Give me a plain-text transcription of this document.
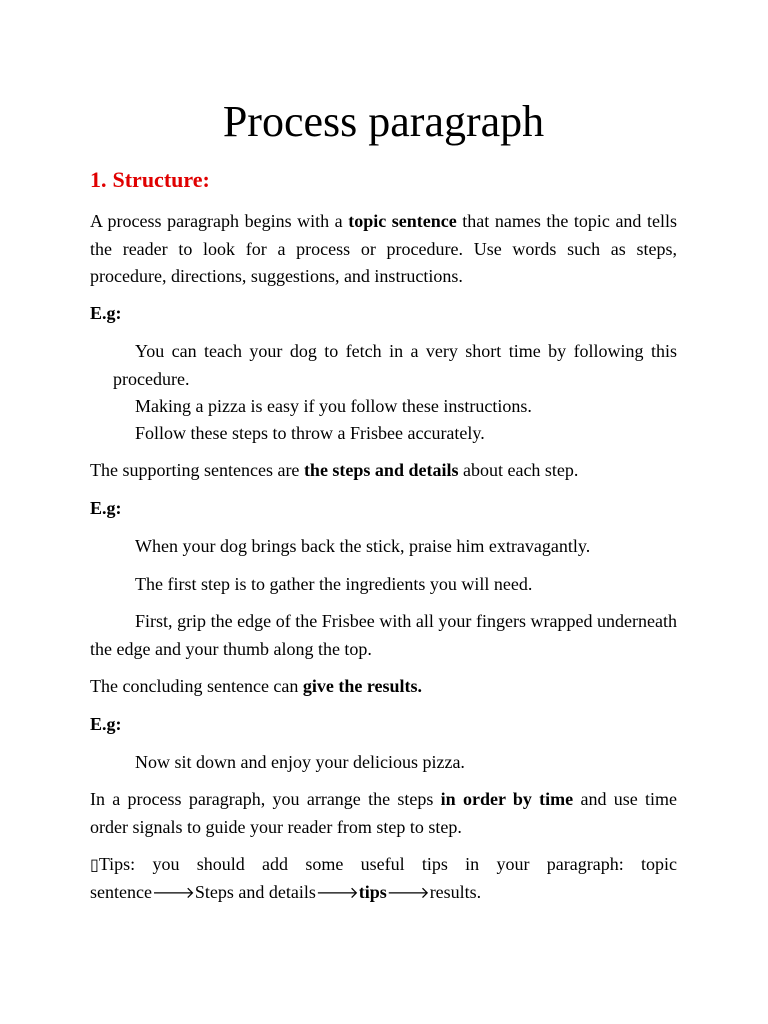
Process paragraph
1. Structure:

A process paragraph begins with a topic sentence that names the topic and tells the reader to look for a process or procedure. Use words such as steps, procedure, directions, suggestions, and instructions.

E.g:

You can teach your dog to fetch in a very short time by following this procedure.

Making a pizza is easy if you follow these instructions.

Follow these steps to throw a Frisbee accurately.

The supporting sentences are the steps and details about each step.

E.g:

When your dog brings back the stick, praise him extravagantly.

The first step is to gather the ingredients you will need.

First, grip the edge of the Frisbee with all your fingers wrapped underneath the edge and your thumb along the top.

The concluding sentence can give the results.

E.g:

Now sit down and enjoy your delicious pizza.

In a process paragraph, you arrange the steps in order by time and use time order signals to guide your reader from step to step.

▯Tips: you should add some useful tips in your paragraph: topic sentence🡒Steps and details🡒tips🡒results.
